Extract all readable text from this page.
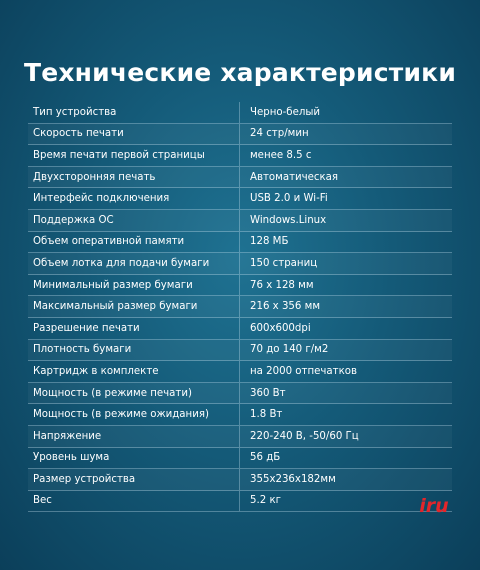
Технические характеристики
Тип устройства	Черно-белый
Скорость печати	24 стр/мин
Время печати первой страницы	менее 8.5 с
Двухсторонняя печать	Автоматическая
Интерфейс подключения	USB 2.0 и Wi-Fi
Поддержка ОС	Windows.Linux
Объем оперативной памяти	128 МБ
Объем лотка для подачи бумаги	150 страниц
Минимальный размер бумаги	76 x 128 мм
Максимальный размер бумаги	216 x 356 мм
Разрешение печати	600x600dpi
Плотность бумаги	70 до 140 г/м2
Картридж в комплекте	на 2000 отпечатков
Мощность (в режиме печати)	360 Вт
Мощность (в режиме ожидания)	1.8 Вт
Напряжение	220-240 В, -50/60 Гц
Уровень шума	56 дБ
Размер устройства	355х236х182мм
Вес	5.2 кг	iru
